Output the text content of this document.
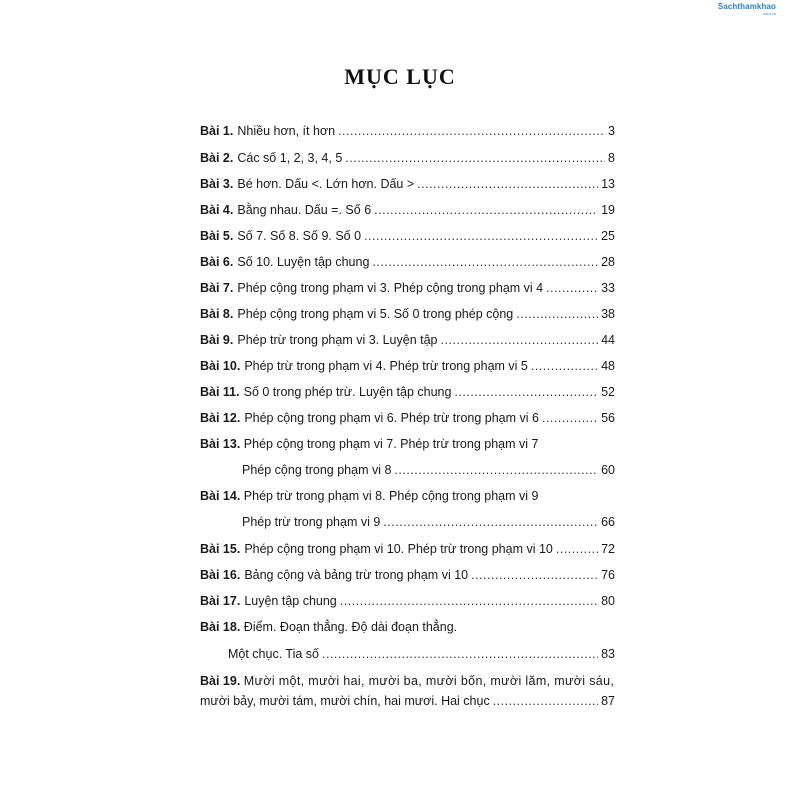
Sachthamkhao
.com.vn
MỤC LỤC
Bài 1. Nhiều hơn, ít hơn .....	3
Bài 2. Các số 1, 2, 3, 4, 5 .....	8
Bài 3. Bé hơn. Dấu <. Lớn hơn. Dấu > .....	13
Bài 4. Bằng nhau. Dấu =. Số 6 .....	19
Bài 5. Số 7. Số 8. Số 9. Số 0 .....	25
Bài 6. Số 10. Luyện tập chung .....	28
Bài 7. Phép cộng trong phạm vi 3. Phép cộng trong phạm vi 4 .....	33
Bài 8. Phép cộng trong phạm vi 5. Số 0 trong phép cộng .....	38
Bài 9. Phép trừ trong phạm vi 3. Luyện tập .....	44
Bài 10. Phép trừ trong phạm vi 4. Phép trừ trong phạm vi 5 .....	48
Bài 11. Số 0 trong phép trừ. Luyện tập chung .....	52
Bài 12. Phép cộng trong phạm vi 6. Phép trừ trong phạm vi 6 .....	56
Bài 13. Phép cộng trong phạm vi 7. Phép trừ trong phạm vi 7
Phép cộng trong phạm vi 8 .....	60
Bài 14. Phép trừ trong phạm vi 8. Phép cộng trong phạm vi 9
Phép trừ trong phạm vi 9 .....	66
Bài 15. Phép cộng trong phạm vi 10. Phép trừ trong phạm vi 10 .....	72
Bài 16. Bảng cộng và bảng trừ trong phạm vi 10 .....	76
Bài 17. Luyện tập chung .....	80
Bài 18. Điểm. Đoạn thẳng. Độ dài đoạn thẳng.
Một chục. Tia số .....	83
Bài 19. Mười một, mười hai, mười ba, mười bốn, mười lăm, mười sáu,
mười bảy, mười tám, mười chín, hai mươi. Hai chục .....	87
